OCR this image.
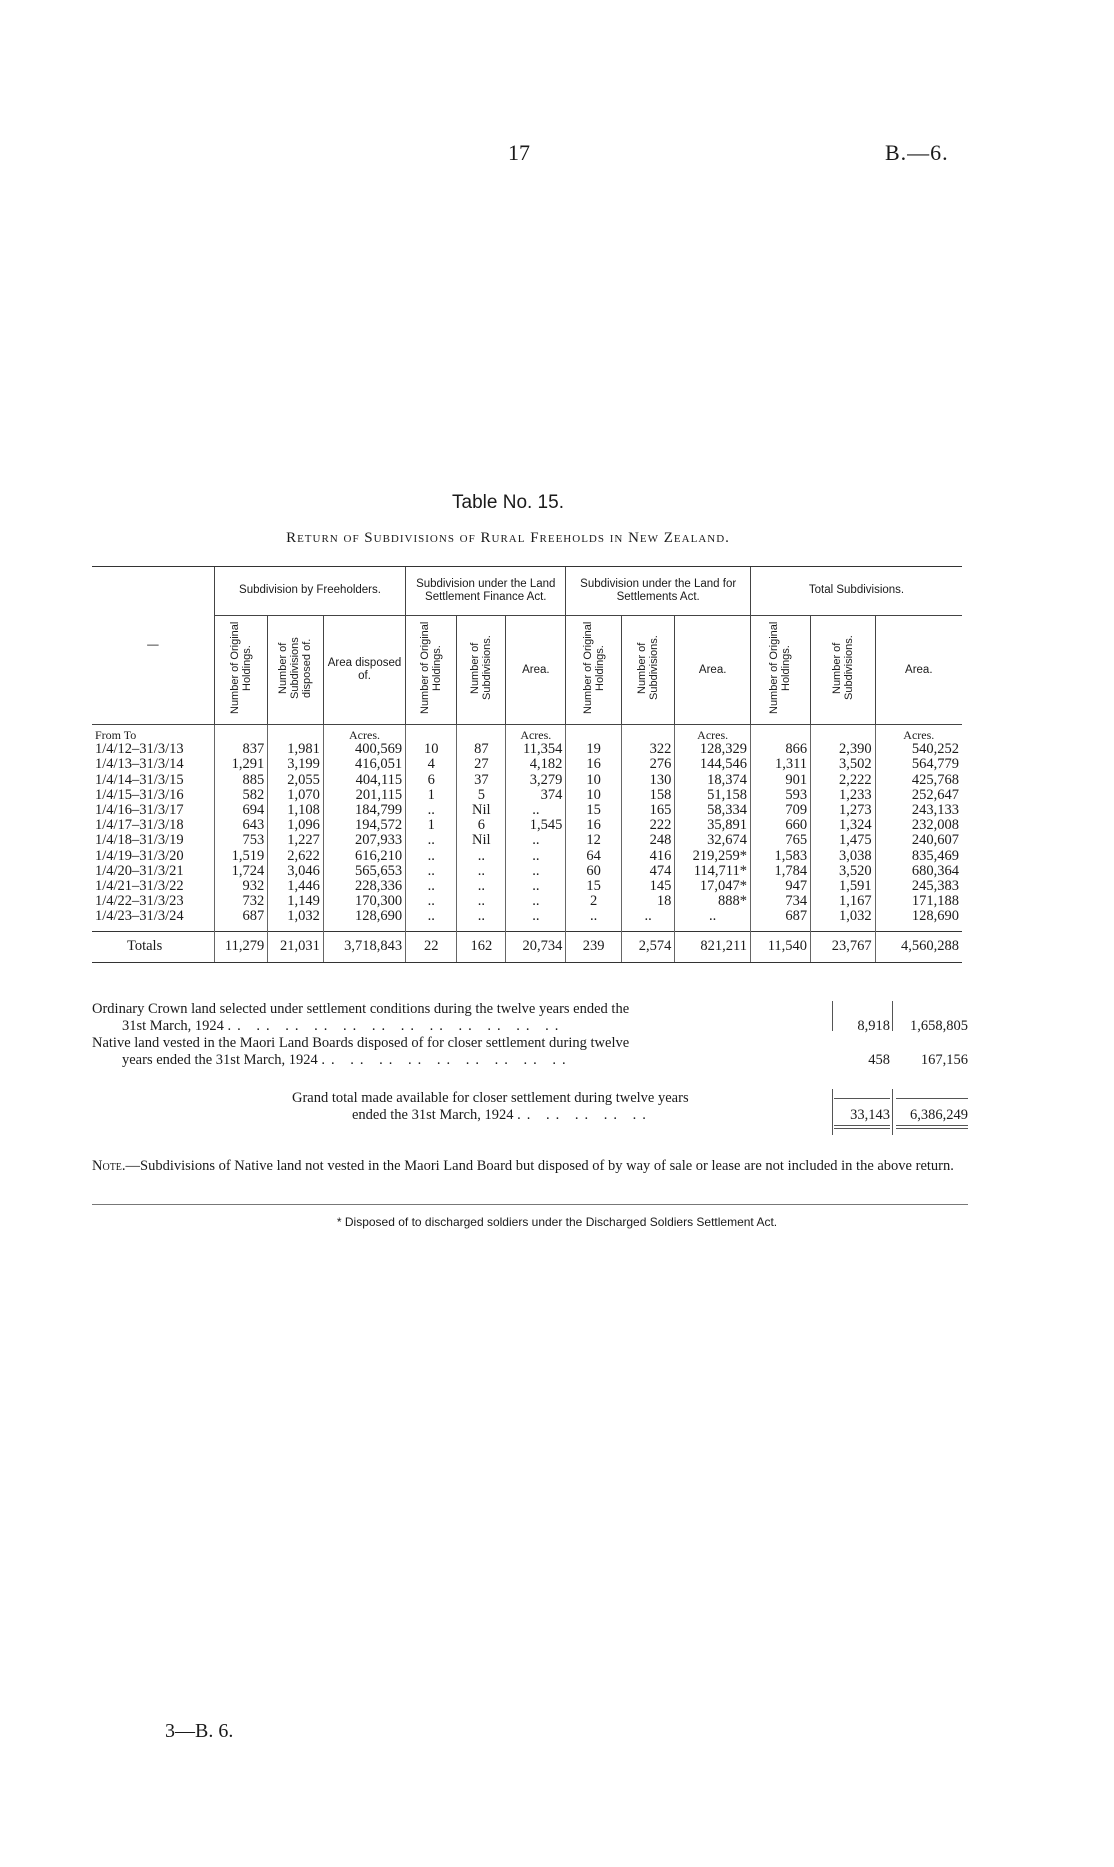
17	B.—6.
Table No. 15.
Return of Subdivisions of Rural Freeholds in New Zealand.
—	Subdivision by Freeholders.			Subdivision under the Land Settlement Finance Act.			Subdivision under the Land for Settlements Act.			Total Subdivisions.		
	Number of Original Holdings.	Number of Subdivisions disposed of.	Area disposed of.	Number of Original Holdings.	Number of Subdivisions.	Area.	Number of Original Holdings.	Number of Subdivisions.	Area.	Number of Original Holdings.	Number of Subdivisions.	Area.
From To			Acres.			Acres.			Acres.			Acres.
1/4/12–31/3/13	837	1,981	400,569	10	87	11,354	19	322	128,329	866	2,390	540,252
1/4/13–31/3/14	1,291	3,199	416,051	4	27	4,182	16	276	144,546	1,311	3,502	564,779
1/4/14–31/3/15	885	2,055	404,115	6	37	3,279	10	130	18,374	901	2,222	425,768
1/4/15–31/3/16	582	1,070	201,115	1	5	374	10	158	51,158	593	1,233	252,647
1/4/16–31/3/17	694	1,108	184,799	..	Nil	..	15	165	58,334	709	1,273	243,133
1/4/17–31/3/18	643	1,096	194,572	1	6	1,545	16	222	35,891	660	1,324	232,008
1/4/18–31/3/19	753	1,227	207,933	..	Nil	..	12	248	32,674	765	1,475	240,607
1/4/19–31/3/20	1,519	2,622	616,210	..	..	..	64	416	219,259*	1,583	3,038	835,469
1/4/20–31/3/21	1,724	3,046	565,653	..	..	..	60	474	114,711*	1,784	3,520	680,364
1/4/21–31/3/22	932	1,446	228,336	..	..	..	15	145	17,047*	947	1,591	245,383
1/4/22–31/3/23	732	1,149	170,300	..	..	..	2	18	888*	734	1,167	171,188
1/4/23–31/3/24	687	1,032	128,690	..	..	..	..	..	..	687	1,032	128,690
Totals	11,279	21,031	3,718,843	22	162	20,734	239	2,574	821,211	11,540	23,767	4,560,288
Ordinary Crown land selected under settlement conditions during the twelve years ended the
31st March, 1924 .. .. .. .. .. .. .. .. .. .. .. ..	8,918	1,658,805
Native land vested in the Maori Land Boards disposed of for closer settlement during twelve
years ended the 31st March, 1924 .. .. .. .. .. .. .. .. ..	458	167,156
Grand total made available for closer settlement during twelve years
ended the 31st March, 1924 .. .. .. .. ..	33,143	6,386,249
Note.—Subdivisions of Native land not vested in the Maori Land Board but disposed of by way of sale or lease are not included in the above return.
* Disposed of to discharged soldiers under the Discharged Soldiers Settlement Act.
3—B. 6.
